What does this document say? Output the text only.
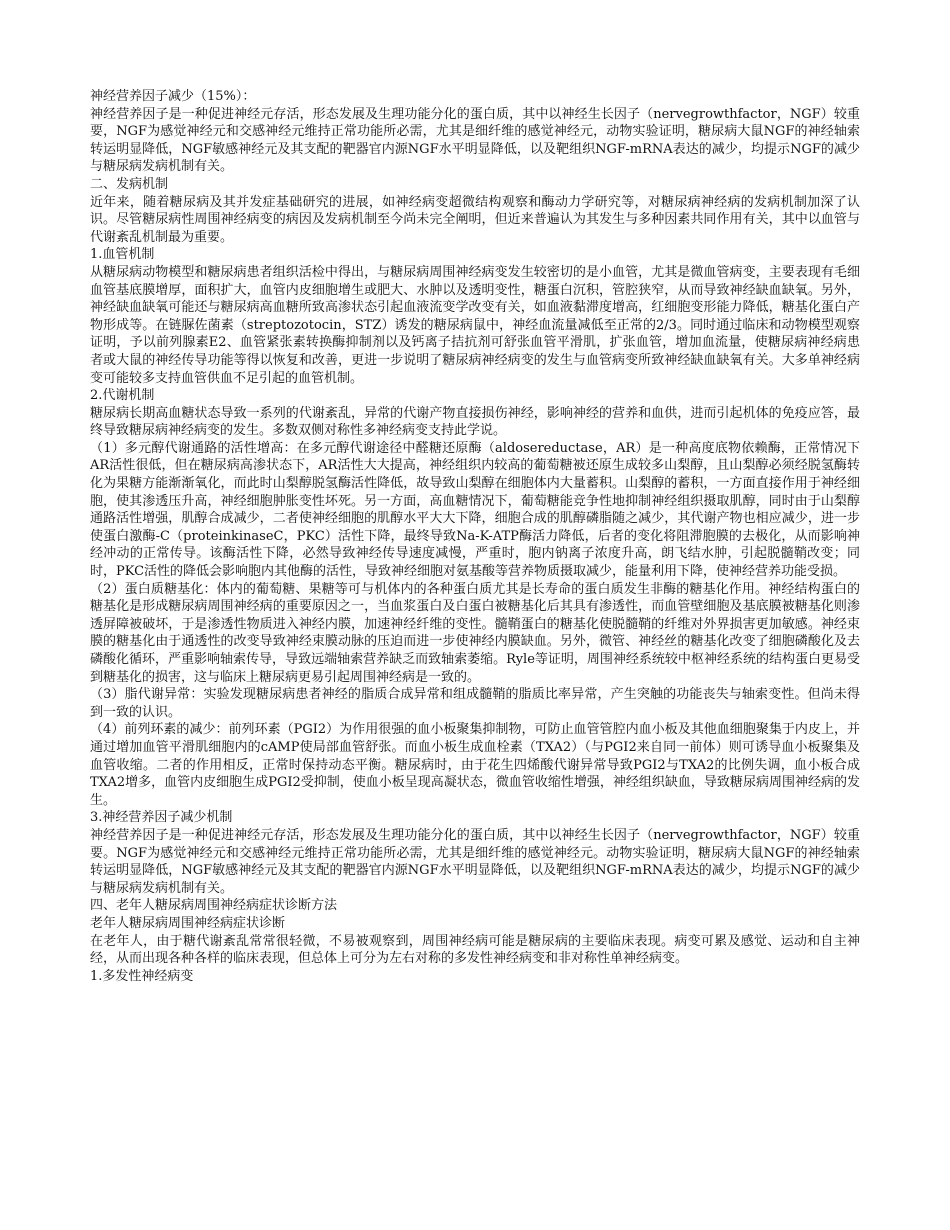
神经营养因子减少（15%）：

神经营养因子是一种促进神经元存活，形态发展及生理功能分化的蛋白质，其中以神经生长因子（nervegrowthfactor，NGF）较重要，NGF为感觉神经元和交感神经元维持正常功能所必需，尤其是细纤维的感觉神经元，动物实验证明，糖尿病大鼠NGF的神经轴索转运明显降低，NGF敏感神经元及其支配的靶器官内源NGF水平明显降低，以及靶组织NGF-mRNA表达的减少，均提示NGF的减少与糖尿病发病机制有关。

二、发病机制

近年来，随着糖尿病及其并发症基础研究的进展，如神经病变超微结构观察和酶动力学研究等，对糖尿病神经病的发病机制加深了认识。尽管糖尿病性周围神经病变的病因及发病机制至今尚未完全阐明，但近来普遍认为其发生与多种因素共同作用有关，其中以血管与代谢紊乱机制最为重要。

1.血管机制

从糖尿病动物模型和糖尿病患者组织活检中得出，与糖尿病周围神经病变发生较密切的是小血管，尤其是微血管病变，主要表现有毛细血管基底膜增厚，面积扩大，血管内皮细胞增生或肥大、水肿以及透明变性，糖蛋白沉积，管腔狭窄，从而导致神经缺血缺氧。另外，神经缺血缺氧可能还与糖尿病高血糖所致高渗状态引起血液流变学改变有关，如血液黏滞度增高，红细胞变形能力降低，糖基化蛋白产物形成等。在链脲佐菌素（streptozotocin，STZ）诱发的糖尿病鼠中，神经血流量减低至正常的2/3。同时通过临床和动物模型观察证明，予以前列腺素E2、血管紧张素转换酶抑制剂以及钙离子拮抗剂可舒张血管平滑肌，扩张血管，增加血流量，使糖尿病神经病患者或大鼠的神经传导功能等得以恢复和改善，更进一步说明了糖尿病神经病变的发生与血管病变所致神经缺血缺氧有关。大多单神经病变可能较多支持血管供血不足引起的血管机制。

2.代谢机制

糖尿病长期高血糖状态导致一系列的代谢紊乱，异常的代谢产物直接损伤神经，影响神经的营养和血供，进而引起机体的免疫应答，最终导致糖尿病神经病变的发生。多数双侧对称性多神经病变支持此学说。

（1）多元醇代谢通路的活性增高：在多元醇代谢途径中醛糖还原酶（aldosereductase，AR）是一种高度底物依赖酶，正常情况下AR活性很低，但在糖尿病高渗状态下，AR活性大大提高，神经组织内较高的葡萄糖被还原生成较多山梨醇，且山梨醇必须经脱氢酶转化为果糖方能渐渐氧化，而此时山梨醇脱氢酶活性降低，故导致山梨醇在细胞体内大量蓄积。山梨醇的蓄积，一方面直接作用于神经细胞，使其渗透压升高，神经细胞肿胀变性坏死。另一方面，高血糖情况下，葡萄糖能竞争性地抑制神经组织摄取肌醇，同时由于山梨醇通路活性增强，肌醇合成减少，二者使神经细胞的肌醇水平大大下降，细胞合成的肌醇磷脂随之减少，其代谢产物也相应减少，进一步使蛋白激酶-C（proteinkinaseC，PKC）活性下降，最终导致Na-K-ATP酶活力降低，后者的变化将阻滞胞膜的去极化，从而影响神经冲动的正常传导。该酶活性下降，必然导致神经传导速度减慢，严重时，胞内钠离子浓度升高，朗飞结水肿，引起脱髓鞘改变；同时，PKC活性的降低会影响胞内其他酶的活性，导致神经细胞对氨基酸等营养物质摄取减少，能量利用下降，使神经营养功能受损。

（2）蛋白质糖基化：体内的葡萄糖、果糖等可与机体内的各种蛋白质尤其是长寿命的蛋白质发生非酶的糖基化作用。神经结构蛋白的糖基化是形成糖尿病周围神经病的重要原因之一，当血浆蛋白及白蛋白被糖基化后其具有渗透性，而血管壁细胞及基底膜被糖基化则渗透屏障被破坏，于是渗透性物质进入神经内膜，加速神经纤维的变性。髓鞘蛋白的糖基化使脱髓鞘的纤维对外界损害更加敏感。神经束膜的糖基化由于通透性的改变导致神经束膜动脉的压迫而进一步使神经内膜缺血。另外，微管、神经丝的糖基化改变了细胞磷酸化及去磷酸化循环，严重影响轴索传导，导致远端轴索营养缺乏而致轴索萎缩。Ryle等证明，周围神经系统较中枢神经系统的结构蛋白更易受到糖基化的损害，这与临床上糖尿病更易引起周围神经病是一致的。

（3）脂代谢异常：实验发现糖尿病患者神经的脂质合成异常和组成髓鞘的脂质比率异常，产生突触的功能丧失与轴索变性。但尚未得到一致的认识。

（4）前列环素的减少：前列环素（PGI2）为作用很强的血小板聚集抑制物，可防止血管管腔内血小板及其他血细胞聚集于内皮上，并通过增加血管平滑肌细胞内的cAMP使局部血管舒张。而血小板生成血栓素（TXA2）（与PGI2来自同一前体）则可诱导血小板聚集及血管收缩。二者的作用相反，正常时保持动态平衡。糖尿病时，由于花生四烯酸代谢异常导致PGI2与TXA2的比例失调，血小板合成TXA2增多，血管内皮细胞生成PGI2受抑制，使血小板呈现高凝状态，微血管收缩性增强，神经组织缺血，导致糖尿病周围神经病的发生。

3.神经营养因子减少机制

神经营养因子是一种促进神经元存活，形态发展及生理功能分化的蛋白质，其中以神经生长因子（nervegrowthfactor，NGF）较重要。NGF为感觉神经元和交感神经元维持正常功能所必需，尤其是细纤维的感觉神经元。动物实验证明，糖尿病大鼠NGF的神经轴索转运明显降低，NGF敏感神经元及其支配的靶器官内源NGF水平明显降低，以及靶组织NGF-mRNA表达的减少，均提示NGF的减少与糖尿病发病机制有关。

四、老年人糖尿病周围神经病症状诊断方法

老年人糖尿病周围神经病症状诊断

在老年人，由于糖代谢紊乱常常很轻微，不易被观察到，周围神经病可能是糖尿病的主要临床表现。病变可累及感觉、运动和自主神经，从而出现各种各样的临床表现，但总体上可分为左右对称的多发性神经病变和非对称性单神经病变。

1.多发性神经病变
